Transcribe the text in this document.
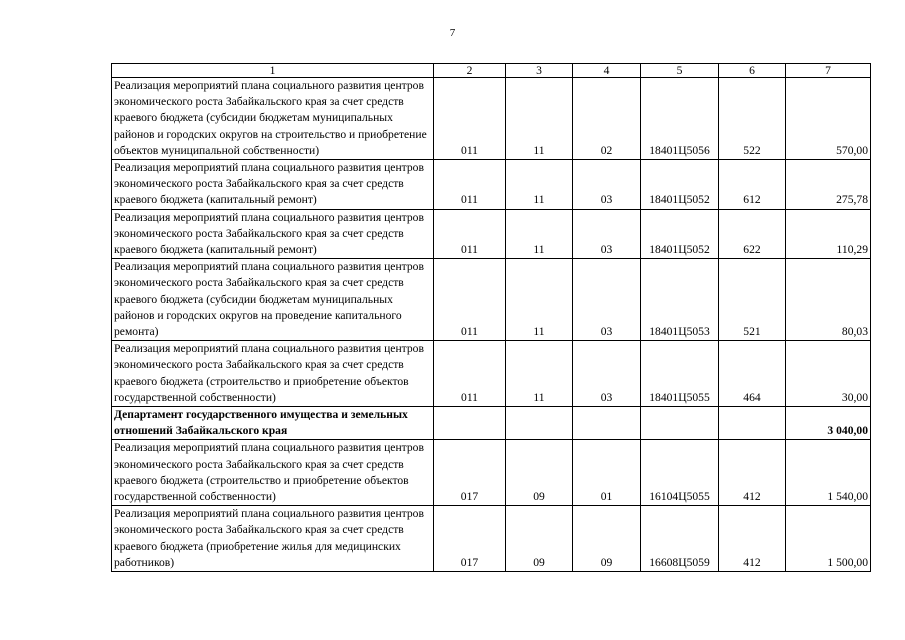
7
1	2	3	4	5	6	7
Реализация мероприятий плана социального развития центров экономического роста Забайкальского края за счет средств краевого бюджета (субсидии бюджетам муниципальных районов и городских округов на строительство и приобретение объектов муниципальной собственности)	011	11	02	18401Ц5056	522	570,00
Реализация мероприятий плана социального развития центров экономического роста Забайкальского края за счет средств краевого бюджета (капитальный ремонт)	011	11	03	18401Ц5052	612	275,78
Реализация мероприятий плана социального развития центров экономического роста Забайкальского края за счет средств краевого бюджета (капитальный ремонт)	011	11	03	18401Ц5052	622	110,29
Реализация мероприятий плана социального развития центров экономического роста Забайкальского края за счет средств краевого бюджета (субсидии бюджетам муниципальных районов и городских округов на проведение капитального ремонта)	011	11	03	18401Ц5053	521	80,03
Реализация мероприятий плана социального развития центров экономического роста Забайкальского края за счет средств краевого бюджета (строительство и приобретение объектов государственной собственности)	011	11	03	18401Ц5055	464	30,00
Департамент государственного имущества и земельных отношений Забайкальского края						3 040,00
Реализация мероприятий плана социального развития центров экономического роста Забайкальского края за счет средств краевого бюджета (строительство и приобретение объектов государственной собственности)	017	09	01	16104Ц5055	412	1 540,00
Реализация мероприятий плана социального развития центров экономического роста Забайкальского края за счет средств краевого бюджета (приобретение жилья для медицинских работников)	017	09	09	16608Ц5059	412	1 500,00
